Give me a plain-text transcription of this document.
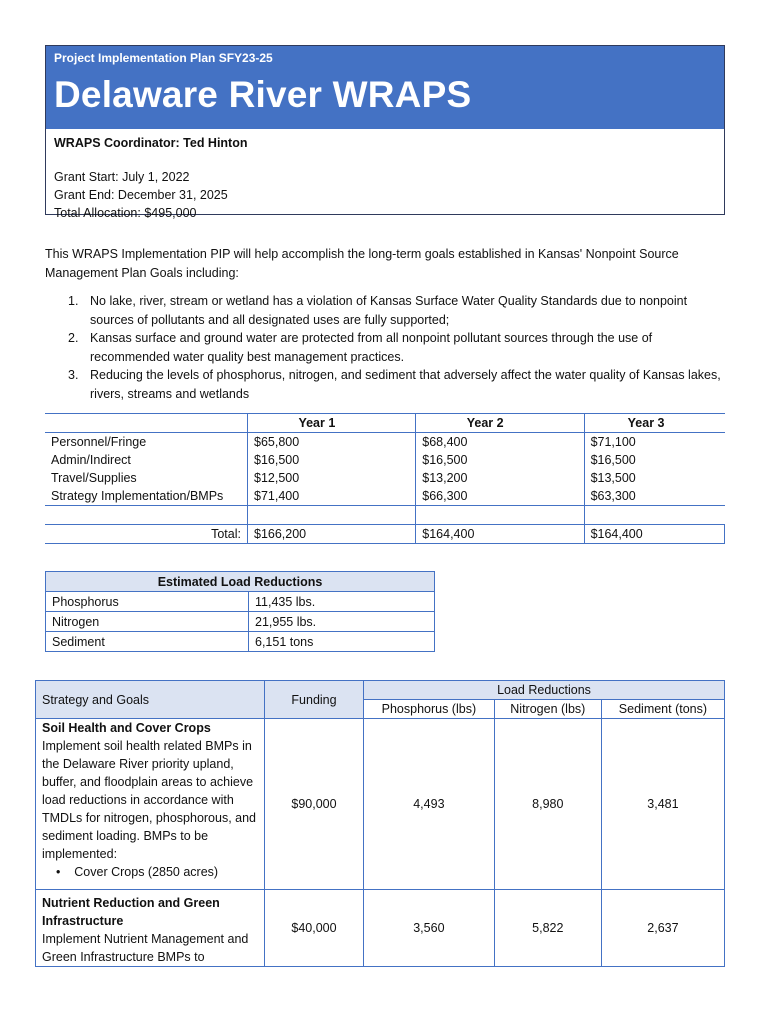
Project Implementation Plan SFY23-25
Delaware River WRAPS
WRAPS Coordinator: Ted Hinton
Grant Start: July 1, 2022
Grant End: December 31, 2025
Total Allocation: $495,000
This WRAPS Implementation PIP will help accomplish the long-term goals established in Kansas' Nonpoint Source Management Plan Goals including:
1. No lake, river, stream or wetland has a violation of Kansas Surface Water Quality Standards due to nonpoint sources of pollutants and all designated uses are fully supported;
2. Kansas surface and ground water are protected from all nonpoint pollutant sources through the use of recommended water quality best management practices.
3. Reducing the levels of phosphorus, nitrogen, and sediment that adversely affect the water quality of Kansas lakes, rivers, streams and wetlands
	Year 1	Year 2	Year 3
Personnel/Fringe	$65,800	$68,400	$71,100
Admin/Indirect	$16,500	$16,500	$16,500
Travel/Supplies	$12,500	$13,200	$13,500
Strategy Implementation/BMPs	$71,400	$66,300	$63,300

Total:	$166,200	$164,400	$164,400
Estimated Load Reductions	
Phosphorus	11,435 lbs.
Nitrogen	21,955 lbs.
Sediment	6,151 tons
Strategy and Goals	Funding	Load Reductions		
		Phosphorus (lbs)	Nitrogen (lbs)	Sediment (tons)

Soil Health and Cover Crops
Implement soil health related BMPs in the Delaware River priority upland, buffer, and floodplain areas to achieve load reductions in accordance with TMDLs for nitrogen, phosphorous, and sediment loading. BMPs to be implemented:
•    Cover Crops (2850 acres)	$90,000	4,493	8,980	3,481

Nutrient Reduction and Green Infrastructure
Implement Nutrient Management and Green Infrastructure BMPs to	$40,000	3,560	5,822	2,637
